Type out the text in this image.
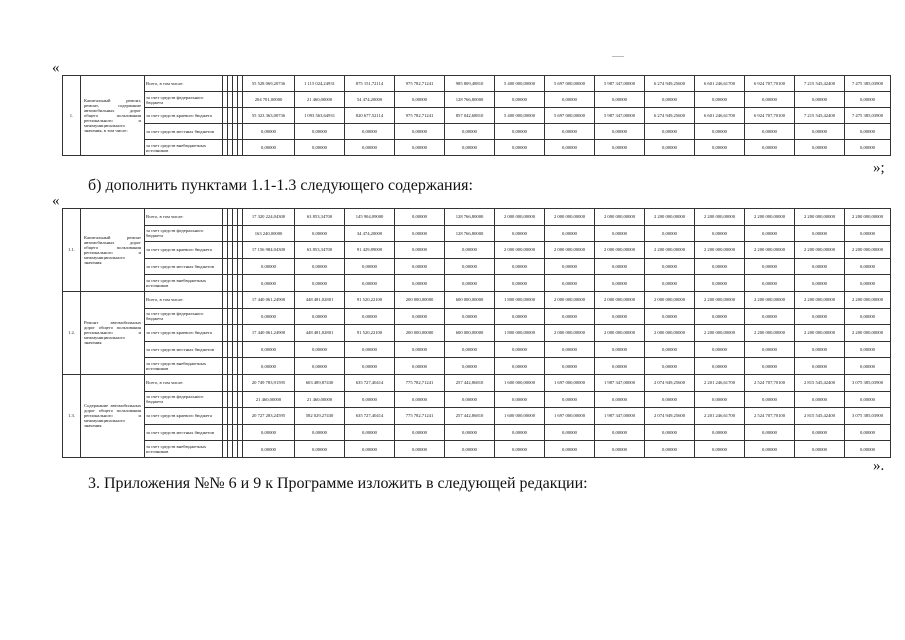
«
1.	Капитальный ремонт, ремонт, содержание автомобильных дорог общего пользования регионального и межмуниципального значения, в том числе:	Всего, в том числе:					55 528 069,20736	1 115 024,24931	875 151,72114	975 782,71241	985 809,48810	5 400 000,00000	5 697 000,00000	5 987 347,00000	6 274 949,25600	6 601 246,61700	6 924 707,70100	7 215 545,42400	7 475 385,03900
		за счет средств федерального бюджета					204 701,00000	21 460,00000	54 474,20000	0,00000	128 766,80000	0,00000	0,00000	0,00000	0,00000	0,00000	0,00000	0,00000	0,00000
		за счет средств краевого бюджета					55 323 363,00736	1 093 563,64931	820 677,52114	975 782,71241	857 042,68810	5 400 000,00000	5 697 000,00000	5 987 347,00000	6 274 949,25600	6 601 246,61700	6 924 707,70100	7 215 545,42400	7 475 385,03900
		за счет средств местных бюджетов					0,00000	0,00000	0,00000	0,00000	0,00000	0,00000	0,00000	0,00000	0,00000	0,00000	0,00000	0,00000	0,00000
		за счет средств внебюджетных источников					0,00000	0,00000	0,00000	0,00000	0,00000	0,00000	0,00000	0,00000	0,00000	0,00000	0,00000	0,00000	0,00000
»;
б) дополнить пунктами 1.1-1.3 следующего содержания:
«
1.1.	Капитальный ремонт автомобильных дорог общего пользования регионального и межмуниципального значения	Всего, в том числе:					17 320 224,04300	63 853,34700	145 904,09000	0,00000	128 766,80000	2 000 000,00000	2 000 000,00000	2 000 000,00000	2 200 000,00000	2 200 000,00000	2 200 000,00000	2 200 000,00000	2 200 000,00000
		за счет средств федерального бюджета					163 240,00000	0,00000	34 474,20000	0,00000	128 766,80000	0,00000	0,00000	0,00000	0,00000	0,00000	0,00000	0,00000	0,00000
		за счет средств краевого бюджета					17 156 984,04300	63 853,34700	91 429,89000	0,00000	0,00000	2 000 000,00000	2 000 000,00000	2 000 000,00000	2 200 000,00000	2 200 000,00000	2 200 000,00000	2 200 000,00000	2 200 000,00000
		за счет средств местных бюджетов					0,00000	0,00000	0,00000	0,00000	0,00000	0,00000	0,00000	0,00000	0,00000	0,00000	0,00000	0,00000	0,00000
		за счет средств внебюджетных источников					0,00000	0,00000	0,00000	0,00000	0,00000	0,00000	0,00000	0,00000	0,00000	0,00000	0,00000	0,00000	0,00000
1.2.	Ремонт автомобильных дорог общего пользования регионального и межмуниципального значения	Всего, в том числе:					17 440 061,24900	448 481,02801	91 520,22100	200 000,00000	600 000,00000	1 800 000,00000	2 000 000,00000	2 000 000,00000	2 000 000,00000	2 200 000,00000	2 200 000,00000	2 200 000,00000	2 200 000,00000
		за счет средств федерального бюджета					0,00000	0,00000	0,00000	0,00000	0,00000	0,00000	0,00000	0,00000	0,00000	0,00000	0,00000	0,00000	0,00000
		за счет средств краевого бюджета					17 440 061,24900	448 481,02801	91 520,22100	200 000,00000	600 000,00000	1 800 000,00000	2 000 000,00000	2 000 000,00000	2 000 000,00000	2 200 000,00000	2 200 000,00000	2 200 000,00000	2 200 000,00000
		за счет средств местных бюджетов					0,00000	0,00000	0,00000	0,00000	0,00000	0,00000	0,00000	0,00000	0,00000	0,00000	0,00000	0,00000	0,00000
		за счет средств внебюджетных источников					0,00000	0,00000	0,00000	0,00000	0,00000	0,00000	0,00000	0,00000	0,00000	0,00000	0,00000	0,00000	0,00000
1.3.	Содержание автомобильных дорог общего пользования регионального и межмуниципального значения	Всего, в том числе:					20 749 783,91595	603 489,87430	635 727,40414	775 782,71241	257 442,86810	1 600 000,00000	1 697 000,00000	1 987 347,00000	2 074 949,25600	2 201 246,61700	2 524 707,70100	2 815 545,42400	3 075 385,03900
		за счет средств федерального бюджета					21 460,00000	21 460,00000	0,00000	0,00000	0,00000	0,00000	0,00000	0,00000	0,00000	0,00000	0,00000	0,00000	0,00000
		за счет средств краевого бюджета					20 727 283,24595	582 029,27430	635 727,40414	775 782,71241	257 442,86810	1 600 000,00000	1 697 000,00000	1 987 347,00000	2 074 949,25600	2 201 246,61700	2 524 707,70100	2 815 545,42400	3 075 385,03900
		за счет средств местных бюджетов					0,00000	0,00000	0,00000	0,00000	0,00000	0,00000	0,00000	0,00000	0,00000	0,00000	0,00000	0,00000	0,00000
		за счет средств внебюджетных источников					0,00000	0,00000	0,00000	0,00000	0,00000	0,00000	0,00000	0,00000	0,00000	0,00000	0,00000	0,00000	0,00000
».
3. Приложения №№ 6 и 9 к Программе изложить в следующей редакции:
